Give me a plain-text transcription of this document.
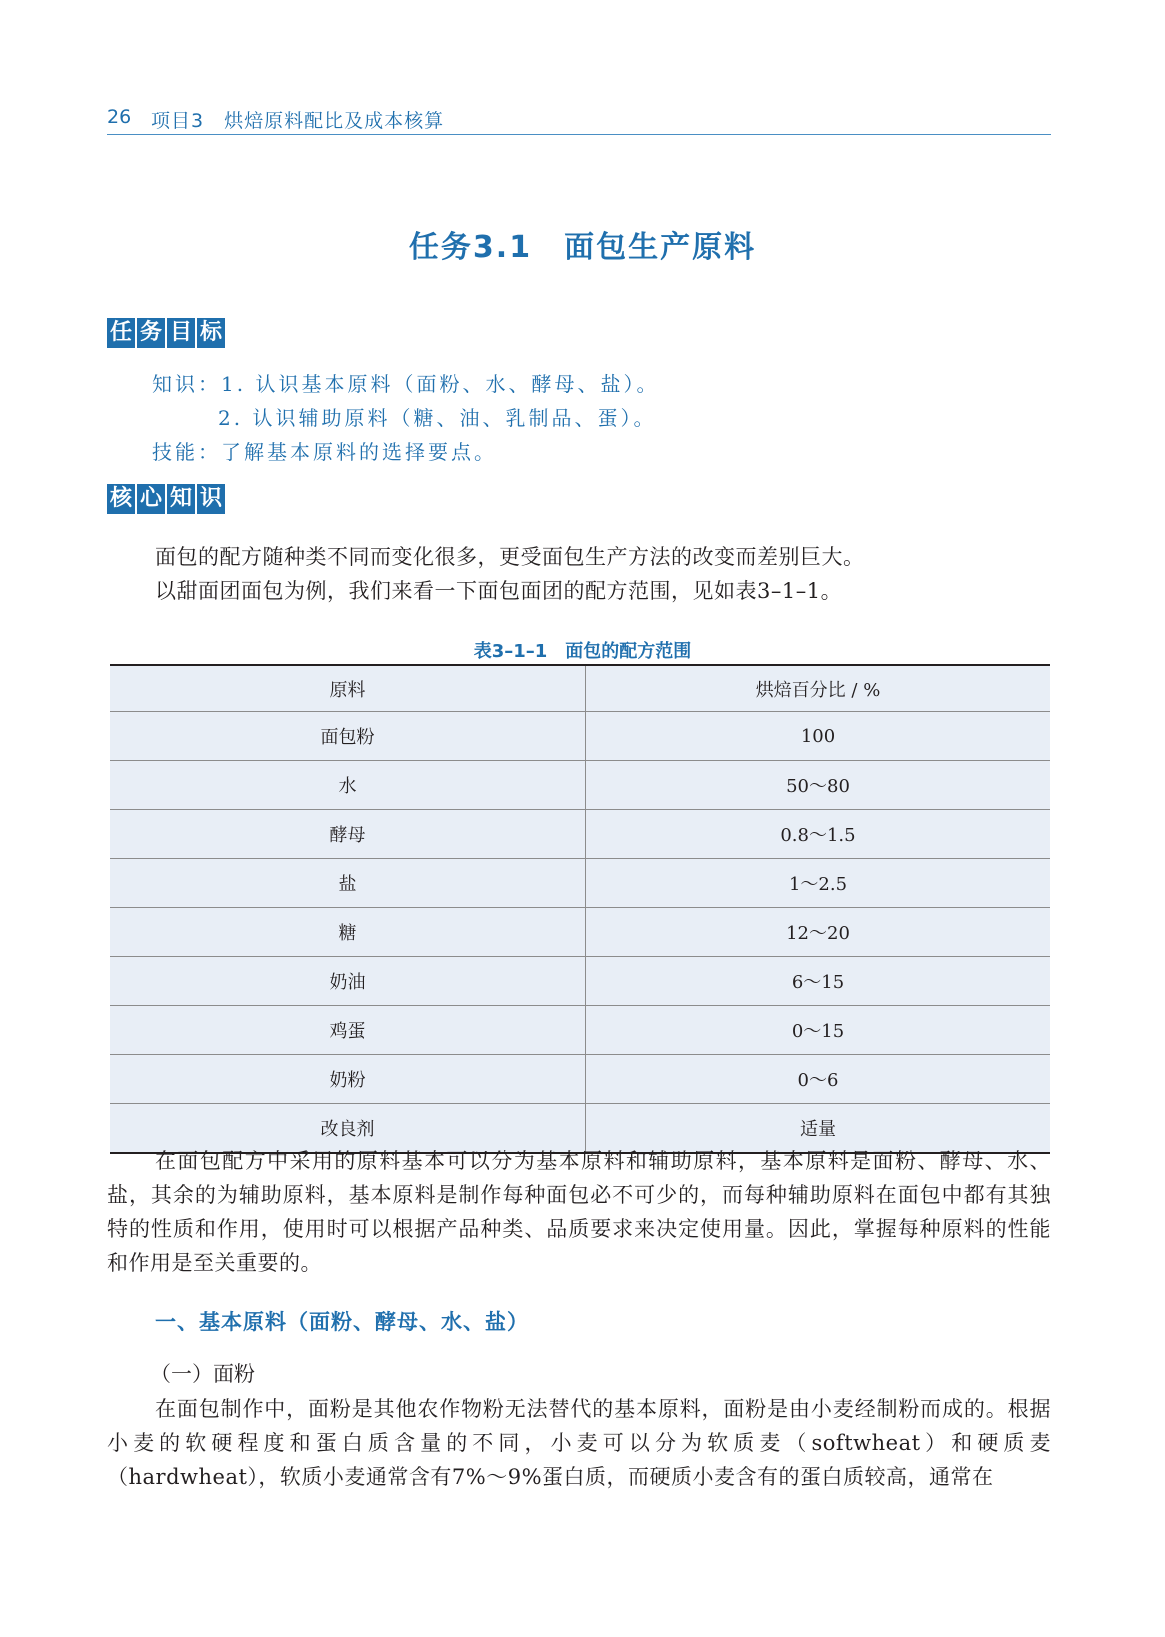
26 项目3　烘焙原料配比及成本核算
任务3.1　面包生产原料
任 务 目 标
知识：1. 认识基本原料（面粉、水、酵母、盐）。
2. 认识辅助原料（糖、油、乳制品、蛋）。
技能：了解基本原料的选择要点。
核 心 知 识
面包的配方随种类不同而变化很多，更受面包生产方法的改变而差别巨大。
以甜面团面包为例，我们来看一下面包面团的配方范围，见如表3–1–1。
表3–1–1　面包的配方范围
原料	烘焙百分比 / %
面包粉	100
水	50～80
酵母	0.8～1.5
盐	1～2.5
糖	12～20
奶油	6～15
鸡蛋	0～15
奶粉	0～6
改良剂	适量
在面包配方中采用的原料基本可以分为基本原料和辅助原料，基本原料是面粉、酵母、水、盐，其余的为辅助原料，基本原料是制作每种面包必不可少的，而每种辅助原料在面包中都有其独特的性质和作用，使用时可以根据产品种类、品质要求来决定使用量。因此，掌握每种原料的性能和作用是至关重要的。
一、基本原料（面粉、酵母、水、盐）
（一）面粉
在面包制作中，面粉是其他农作物粉无法替代的基本原料，面粉是由小麦经制粉而成的。根据小麦的软硬程度和蛋白质含量的不同，小麦可以分为软质麦（softwheat）和硬质麦（hardwheat），软质小麦通常含有7%～9%蛋白质，而硬质小麦含有的蛋白质较高，通常在
